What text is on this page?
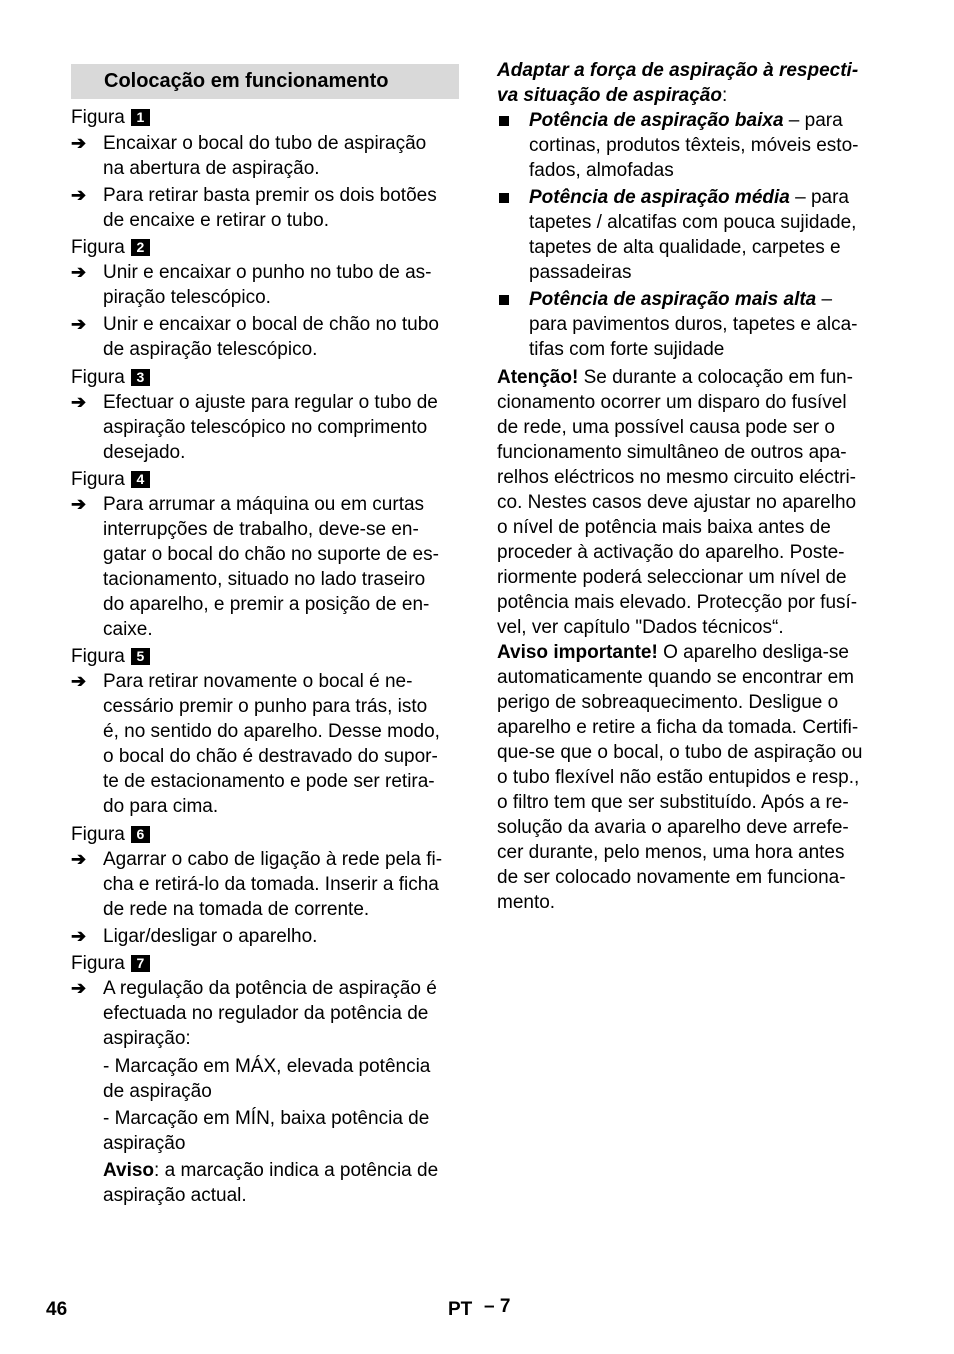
Colocação em funcionamento
Figura 1
➔ Encaixar o bocal do tubo de aspiração
na abertura de aspiração.
➔ Para retirar basta premir os dois botões
de encaixe e retirar o tubo.
Figura 2
➔ Unir e encaixar o punho no tubo de as-
piração telescópico.
➔ Unir e encaixar o bocal de chão no tubo
de aspiração telescópico.
Figura 3
➔ Efectuar o ajuste para regular o tubo de
aspiração telescópico no comprimento
desejado.
Figura 4
➔ Para arrumar a máquina ou em curtas
interrupções de trabalho, deve-se en-
gatar o bocal do chão no suporte de es-
tacionamento, situado no lado traseiro
do aparelho, e premir a posição de en-
caixe.
Figura 5
➔ Para retirar novamente o bocal é ne-
cessário premir o punho para trás, isto
é, no sentido do aparelho. Desse modo,
o bocal do chão é destravado do supor-
te de estacionamento e pode ser retira-
do para cima.
Figura 6
➔ Agarrar o cabo de ligação à rede pela fi-
cha e retirá-lo da tomada. Inserir a ficha
de rede na tomada de corrente.
➔ Ligar/desligar o aparelho.
Figura 7
➔ A regulação da potência de aspiração é
efectuada no regulador da potência de
aspiração:
- Marcação em MÁX, elevada potência
de aspiração
- Marcação em MÍN, baixa potência de
aspiração
Aviso: a marcação indica a potência de
aspiração actual.
Adaptar a força de aspiração à respecti-
va situação de aspiração:
Potência de aspiração baixa – para
cortinas, produtos têxteis, móveis esto-
fados, almofadas
Potência de aspiração média – para
tapetes / alcatifas com pouca sujidade,
tapetes de alta qualidade, carpetes e
passadeiras
Potência de aspiração mais alta –
para pavimentos duros, tapetes e alca-
tifas com forte sujidade
Atenção! Se durante a colocação em fun-
cionamento ocorrer um disparo do fusível
de rede, uma possível causa pode ser o
funcionamento simultâneo de outros apa-
relhos eléctricos no mesmo circuito eléctri-
co. Nestes casos deve ajustar no aparelho
o nível de potência mais baixa antes de
proceder à activação do aparelho. Poste-
riormente poderá seleccionar um nível de
potência mais elevado. Protecção por fusí-
vel, ver capítulo "Dados técnicos“.
Aviso importante! O aparelho desliga-se
automaticamente quando se encontrar em
perigo de sobreaquecimento. Desligue o
aparelho e retire a ficha da tomada. Certifi-
que-se que o bocal, o tubo de aspiração ou
o tubo flexível não estão entupidos e resp.,
o filtro tem que ser substituído. Após a re-
solução da avaria o aparelho deve arrefe-
cer durante, pelo menos, uma hora antes
de ser colocado novamente em funciona-
mento.
46	PT – 7
